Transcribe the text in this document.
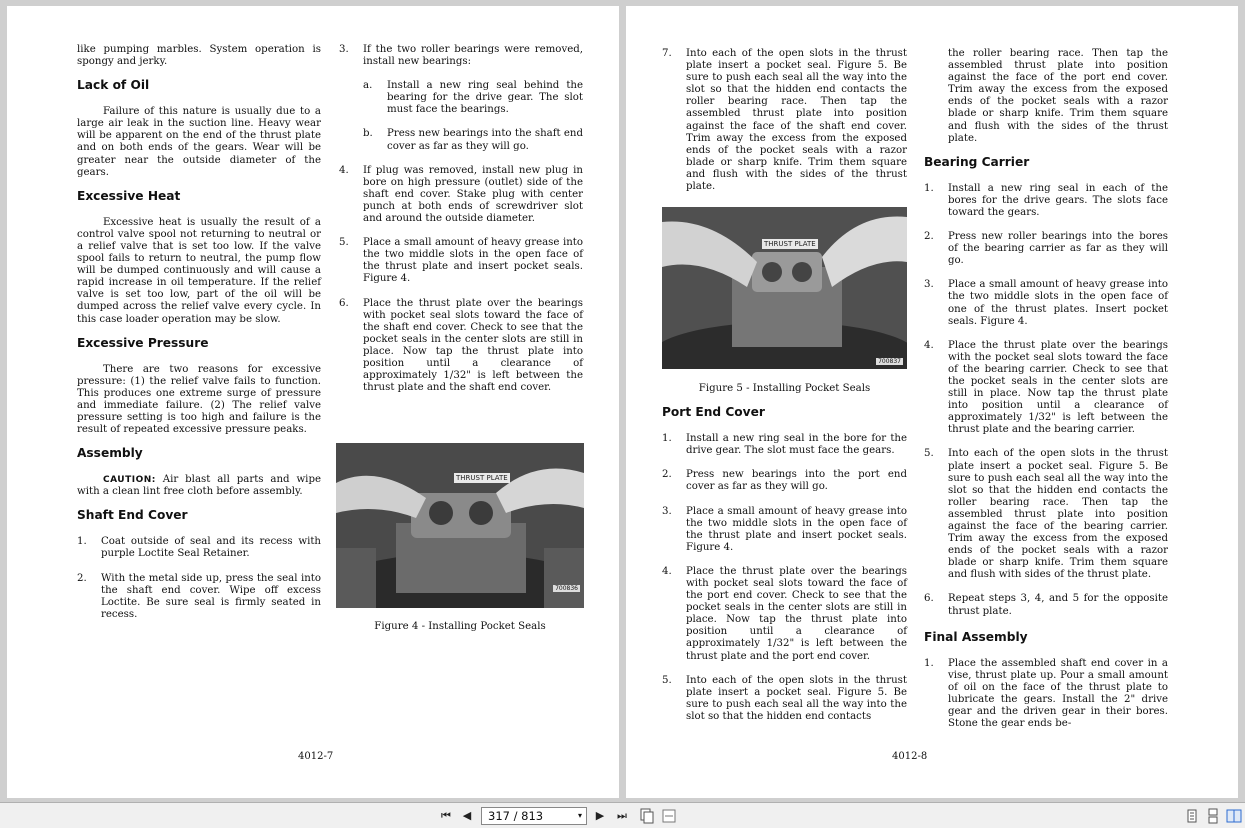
like pumping marbles. System operation is spongy and jerky.

Lack of Oil

Failure of this nature is usually due to a large air leak in the suction line. Heavy wear will be apparent on the end of the thrust plate and on both ends of the gears. Wear will be greater near the outside diameter of the gears.

Excessive Heat

Excessive heat is usually the result of a control valve spool not returning to neutral or a relief valve that is set too low. If the valve spool fails to return to neutral, the pump flow will be dumped continuously and will cause a rapid increase in oil temperature. If the relief valve is set too low, part of the oil will be dumped across the relief valve every cycle. In this case loader operation may be slow.

Excessive Pressure

There are two reasons for excessive pressure: (1) the relief valve fails to function. This produces one extreme surge of pressure and immediate failure. (2) The relief valve pressure setting is too high and failure is the result of repeated excessive pressure peaks.

Assembly

CAUTION: Air blast all parts and wipe with a clean lint free cloth before assembly.

Shaft End Cover
1.	Coat outside of seal and its recess with purple Loctite Seal Retainer.
2.	With the metal side up, press the seal into the shaft end cover. Wipe off excess Loctite. Be sure seal is firmly seated in recess.
3.	If the two roller bearings were removed, install new bearings:
a.	Install a new ring seal behind the bearing for the drive gear. The slot must face the bearings.
b.	Press new bearings into the shaft end cover as far as they will go.
4.	If plug was removed, install new plug in bore on high pressure (outlet) side of the shaft end cover. Stake plug with center punch at both ends of screwdriver slot and around the outside diameter.
5.	Place a small amount of heavy grease into the two middle slots in the open face of the thrust plate and insert pocket seals. Figure 4.
6.	Place the thrust plate over the bearings with pocket seal slots toward the face of the shaft end cover. Check to see that the pocket seals in the center slots are still in place. Now tap the thrust plate into position until a clearance of approximately 1/32" is left between the thrust plate and the shaft end cover.
THRUST PLATE
700836
Figure 4 - Installing Pocket Seals
4012-7
7.	Into each of the open slots in the thrust plate insert a pocket seal. Figure 5. Be sure to push each seal all the way into the slot so that the hidden end contacts the roller bearing race. Then tap the assembled thrust plate into position against the face of the shaft end cover. Trim away the excess from the exposed ends of the pocket seals with a razor blade or sharp knife. Trim them square and flush with the sides of the thrust plate.
Port End Cover
1.	Install a new ring seal in the bore for the drive gear. The slot must face the gears.
2.	Press new bearings into the port end cover as far as they will go.
3.	Place a small amount of heavy grease into the two middle slots in the open face of the thrust plate and insert pocket seals. Figure 4.
4.	Place the thrust plate over the bearings with pocket seal slots toward the face of the port end cover. Check to see that the pocket seals in the center slots are still in place. Now tap the thrust plate into position until a clearance of approximately 1/32" is left between the thrust plate and the port end cover.
5.	Into each of the open slots in the thrust plate insert a pocket seal. Figure 5. Be sure to push each seal all the way into the slot so that the hidden end contacts
THRUST PLATE
700837
Figure 5 - Installing Pocket Seals

the roller bearing race. Then tap the assembled thrust plate into position against the face of the port end cover. Trim away the excess from the exposed ends of the pocket seals with a razor blade or sharp knife. Trim them square and flush with the sides of the thrust plate.

Bearing Carrier
1.	Install a new ring seal in each of the bores for the drive gears. The slots face toward the gears.
2.	Press new roller bearings into the bores of the bearing carrier as far as they will go.
3.	Place a small amount of heavy grease into the two middle slots in the open face of one of the thrust plates. Insert pocket seals. Figure 4.
4.	Place the thrust plate over the bearings with the pocket seal slots toward the face of the bearing carrier. Check to see that the pocket seals in the center slots are still in place. Now tap the thrust plate into position until a clearance of approximately 1/32" is left between the thrust plate and the bearing carrier.
5.	Into each of the open slots in the thrust plate insert a pocket seal. Figure 5. Be sure to push each seal all the way into the slot so that the hidden end contacts the roller bearing race. Then tap the assembled thrust plate into position against the face of the bearing carrier. Trim away the excess from the exposed ends of the pocket seals with a razor blade or sharp knife. Trim them square and flush with sides of the thrust plate.
6.	Repeat steps 3, 4, and 5 for the opposite thrust plate.
Final Assembly
1.	Place the assembled shaft end cover in a vise, thrust plate up. Pour a small amount of oil on the face of the thrust plate to lubricate the gears. Install the 2" drive gear and the driven gear in their bores. Stone the gear ends be-
4012-8
⏮	◀	317 / 813	▾	▶	⏭
